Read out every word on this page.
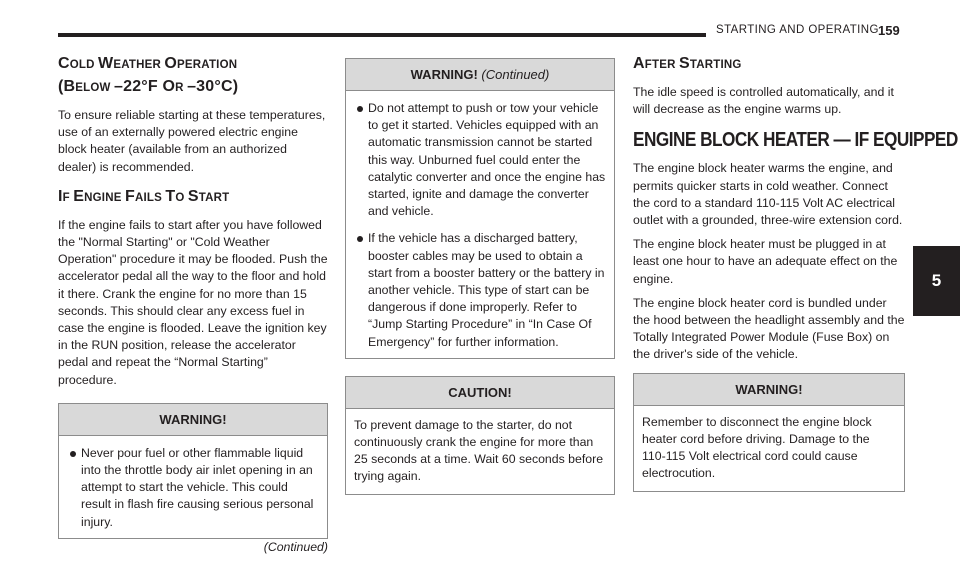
STARTING AND OPERATING 159
5
COLD WEATHER OPERATION
(BELOW –22°F OR –30°C)

To ensure reliable starting at these temperatures, use of an externally powered electric engine block heater (available from an authorized dealer) is recommended.

IF ENGINE FAILS TO START

If the engine fails to start after you have followed the "Normal Starting" or "Cold Weather Operation" procedure it may be flooded. Push the accelerator pedal all the way to the floor and hold it there. Crank the engine for no more than 15 seconds. This should clear any excess fuel in case the engine is flooded. Leave the ignition key in the RUN position, release the accelerator pedal and repeat the “Normal Starting” procedure.

WARNING!
Never pour fuel or other flammable liquid into the throttle body air inlet opening in an attempt to start the vehicle. This could result in flash fire causing serious personal injury.
(Continued)
WARNING! (Continued)
Do not attempt to push or tow your vehicle to get it started. Vehicles equipped with an automatic transmission cannot be started this way. Unburned fuel could enter the catalytic converter and once the engine has started, ignite and damage the converter and vehicle.
If the vehicle has a discharged battery, booster cables may be used to obtain a start from a booster battery or the battery in another vehicle. This type of start can be dangerous if done improperly. Refer to “Jump Starting Procedure” in “In Case Of Emergency” for further information.
CAUTION!

To prevent damage to the starter, do not continuously crank the engine for more than 25 seconds at a time. Wait 60 seconds before trying again.

AFTER STARTING

The idle speed is controlled automatically, and it will decrease as the engine warms up.

ENGINE BLOCK HEATER — IF EQUIPPED

The engine block heater warms the engine, and permits quicker starts in cold weather. Connect the cord to a standard 110-115 Volt AC electrical outlet with a grounded, three-wire extension cord.

The engine block heater must be plugged in at least one hour to have an adequate effect on the engine.

The engine block heater cord is bundled under the hood between the headlight assembly and the Totally Integrated Power Module (Fuse Box) on the driver's side of the vehicle.

WARNING!

Remember to disconnect the engine block heater cord before driving. Damage to the 110-115 Volt electrical cord could cause electrocution.
